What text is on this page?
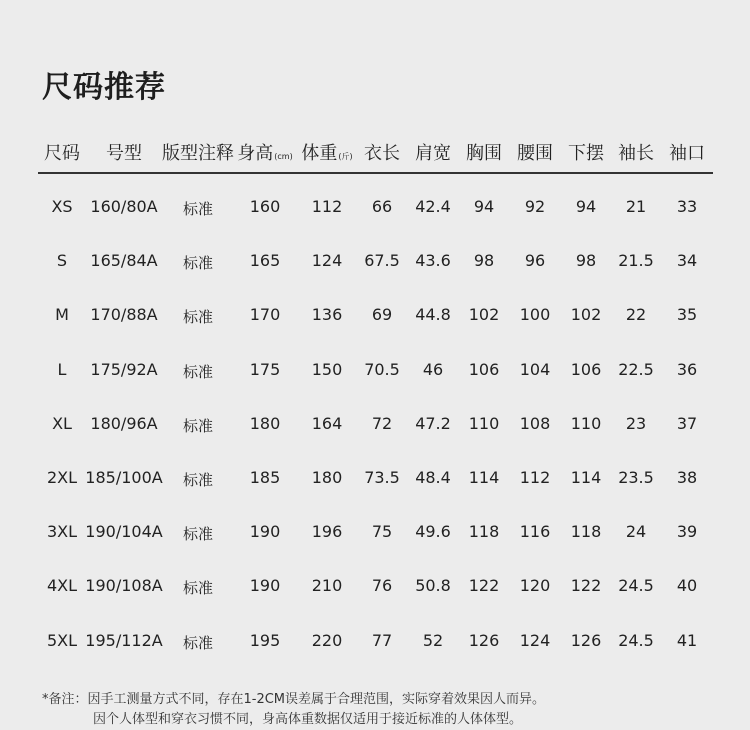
尺码推荐
尺码 号型 版型注释 身高(cm) 体重(斤) 衣长 肩宽 胸围 腰围 下摆 袖长 袖口
XS 160/80A 标准 160 112 66 42.4 94 92 94 21 33
S 165/84A 标准 165 124 67.5 43.6 98 96 98 21.5 34
M 170/88A 标准 170 136 69 44.8 102 100 102 22 35
L 175/92A 标准 175 150 70.5 46 106 104 106 22.5 36
XL 180/96A 标准 180 164 72 47.2 110 108 110 23 37
2XL 185/100A 标准 185 180 73.5 48.4 114 112 114 23.5 38
3XL 190/104A 标准 190 196 75 49.6 118 116 118 24 39
4XL 190/108A 标准 190 210 76 50.8 122 120 122 24.5 40
5XL 195/112A 标准 195 220 77 52 126 124 126 24.5 41
*备注：因手工测量方式不同，存在1-2CM误差属于合理范围，实际穿着效果因人而异。
因个人体型和穿衣习惯不同，身高体重数据仅适用于接近标准的人体体型。
